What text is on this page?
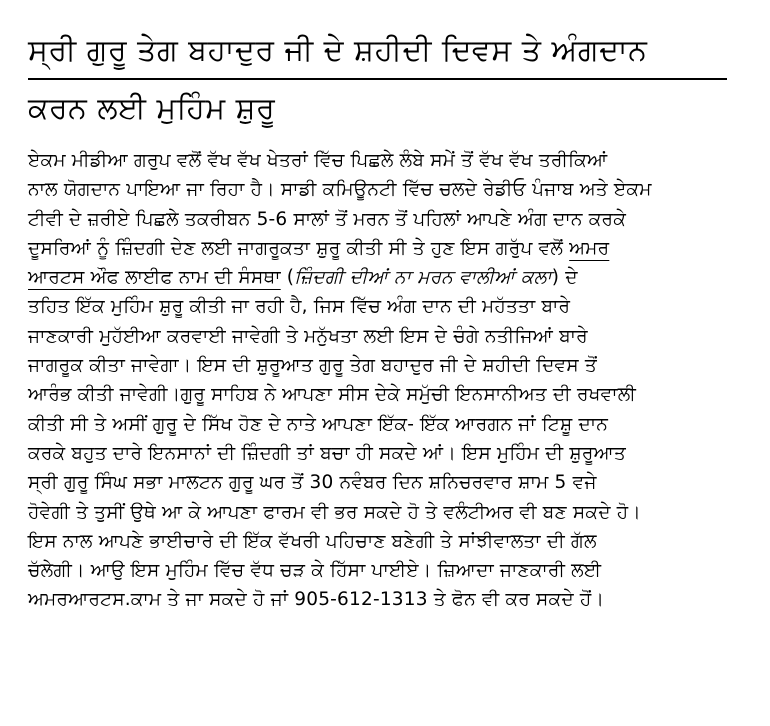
ਸ੍ਰੀ ਗੁਰੂ ਤੇਗ ਬਹਾਦੁਰ ਜੀ ਦੇ ਸ਼ਹੀਦੀ ਦਿਵਸ ਤੇ ਅੰਗਦਾਨ
ਕਰਨ ਲਈ ਮੁਹਿੰਮ ਸ਼ੁਰੂ

ਏਕਮ ਮੀਡੀਆ ਗਰੁਪ ਵਲੋਂ ਵੱਖ ਵੱਖ ਖੇਤਰਾਂ ਵਿੱਚ ਪਿਛਲੇ ਲੰਬੇ ਸਮੇਂ ਤੋਂ ਵੱਖ ਵੱਖ ਤਰੀਕਿਆਂ
ਨਾਲ ਯੋਗਦਾਨ ਪਾਇਆ ਜਾ ਰਿਹਾ ਹੈ। ਸਾਡੀ ਕਮਿਊਨਟੀ ਵਿੱਚ ਚਲਦੇ ਰੇਡੀਓ ਪੰਜਾਬ ਅਤੇ ਏਕਮ
ਟੀਵੀ ਦੇ ਜ਼ਰੀਏ ਪਿਛਲੇ ਤਕਰੀਬਨ 5-6 ਸਾਲਾਂ ਤੋਂ ਮਰਨ ਤੋਂ ਪਹਿਲਾਂ ਆਪਣੇ ਅੰਗ ਦਾਨ ਕਰਕੇ
ਦੂਸਰਿਆਂ ਨੂੰ ਜ਼ਿੰਦਗੀ ਦੇਣ ਲਈ ਜਾਗਰੂਕਤਾ ਸ਼ੁਰੂ ਕੀਤੀ ਸੀ ਤੇ ਹੁਣ ਇਸ ਗਰੁੱਪ ਵਲੋਂ ਅਮਰ
ਆਰਟਸ ਔਫ ਲਾਈਫ ਨਾਮ ਦੀ ਸੰਸਥਾ (ਜ਼ਿੰਦਗੀ ਦੀਆਂ ਨਾ ਮਰਨ ਵਾਲੀਆਂ ਕਲਾ) ਦੇ
ਤਹਿਤ ਇੱਕ ਮੁਹਿੰਮ ਸ਼ੁਰੂ ਕੀਤੀ ਜਾ ਰਹੀ ਹੈ, ਜਿਸ ਵਿੱਚ ਅੰਗ ਦਾਨ ਦੀ ਮਹੱਤਤਾ ਬਾਰੇ
ਜਾਣਕਾਰੀ ਮੁਹੱਈਆ ਕਰਵਾਈ ਜਾਵੇਗੀ ਤੇ ਮਨੁੱਖਤਾ ਲਈ ਇਸ ਦੇ ਚੰਗੇ ਨਤੀਜਿਆਂ ਬਾਰੇ
ਜਾਗਰੂਕ ਕੀਤਾ ਜਾਵੇਗਾ। ਇਸ ਦੀ ਸ਼ੁਰੂਆਤ ਗੁਰੂ ਤੇਗ ਬਹਾਦੁਰ ਜੀ ਦੇ ਸ਼ਹੀਦੀ ਦਿਵਸ ਤੋਂ
ਆਰੰਭ ਕੀਤੀ ਜਾਵੇਗੀ।ਗੁਰੂ ਸਾਹਿਬ ਨੇ ਆਪਣਾ ਸੀਸ ਦੇਕੇ ਸਮੁੱਚੀ ਇਨਸਾਨੀਅਤ ਦੀ ਰਖਵਾਲੀ
ਕੀਤੀ ਸੀ ਤੇ ਅਸੀਂ ਗੁਰੂ ਦੇ ਸਿੱਖ ਹੋਣ ਦੇ ਨਾਤੇ ਆਪਣਾ ਇੱਕ- ਇੱਕ ਆਰਗਨ ਜਾਂ ਟਿਸ਼ੂ ਦਾਨ
ਕਰਕੇ ਬਹੁਤ ਦਾਰੇ ਇਨਸਾਨਾਂ ਦੀ ਜ਼ਿੰਦਗੀ ਤਾਂ ਬਚਾ ਹੀ ਸਕਦੇ ਆਂ। ਇਸ ਮੁਹਿੰਮ ਦੀ ਸ਼ੁਰੂਆਤ
ਸ੍ਰੀ ਗੁਰੂ ਸਿੰਘ ਸਭਾ ਮਾਲਟਨ ਗੁਰੂ ਘਰ ਤੋਂ 30 ਨਵੰਬਰ ਦਿਨ ਸ਼ਨਿਚਰਵਾਰ ਸ਼ਾਮ 5 ਵਜੇ
ਹੋਵੇਗੀ ਤੇ ਤੁਸੀਂ ਉਥੇ ਆ ਕੇ ਆਪਣਾ ਫਾਰਮ ਵੀ ਭਰ ਸਕਦੇ ਹੋ ਤੇ ਵਲੰਟੀਅਰ ਵੀ ਬਣ ਸਕਦੇ ਹੋ।
ਇਸ ਨਾਲ ਆਪਣੇ ਭਾਈਚਾਰੇ ਦੀ ਇੱਕ ਵੱਖਰੀ ਪਹਿਚਾਣ ਬਣੇਗੀ ਤੇ ਸਾਂਝੀਵਾਲਤਾ ਦੀ ਗੱਲ
ਚੱਲੇਗੀ। ਆਉ ਇਸ ਮੁਹਿੰਮ ਵਿੱਚ ਵੱਧ ਚੜ ਕੇ ਹਿੱਸਾ ਪਾਈਏ। ਜ਼ਿਆਦਾ ਜਾਣਕਾਰੀ ਲਈ
ਅਮਰਆਰਟਸ.ਕਾਮ ਤੇ ਜਾ ਸਕਦੇ ਹੋ ਜਾਂ 905-612-1313 ਤੇ ਫੋਨ ਵੀ ਕਰ ਸਕਦੇ ਹੋਂ।
